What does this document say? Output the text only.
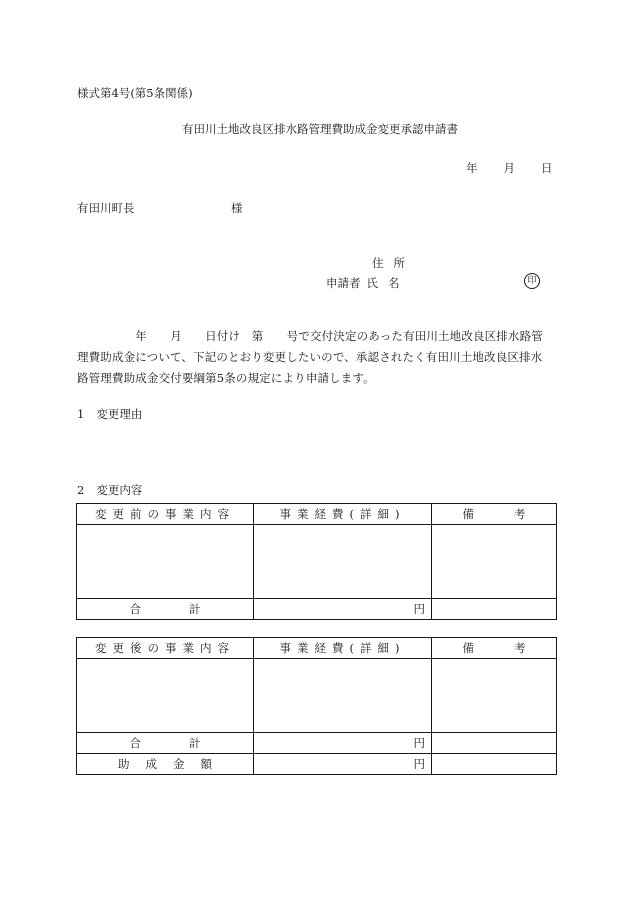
様式第4号(第5条関係)
有田川土地改良区排水路管理費助成金変更承認申請書
年 月 日
有田川町長	様
住 所
申請者 氏 名	印
　　　　　年　　月　　日付け　第　　号で交付決定のあった有田川土地改良区排水路管
理費助成金について、下記のとおり変更したいので、承認されたく有田川土地改良区排水
路管理費助成金交付要綱第5条の規定により申請します。
1 変更理由
2 変更内容
変更前の事業内容	事業経費(詳細)	備 考

合 計	円	
変更後の事業内容	事業経費(詳細)	備 考

合 計	円	
助 成 金 額	円	
